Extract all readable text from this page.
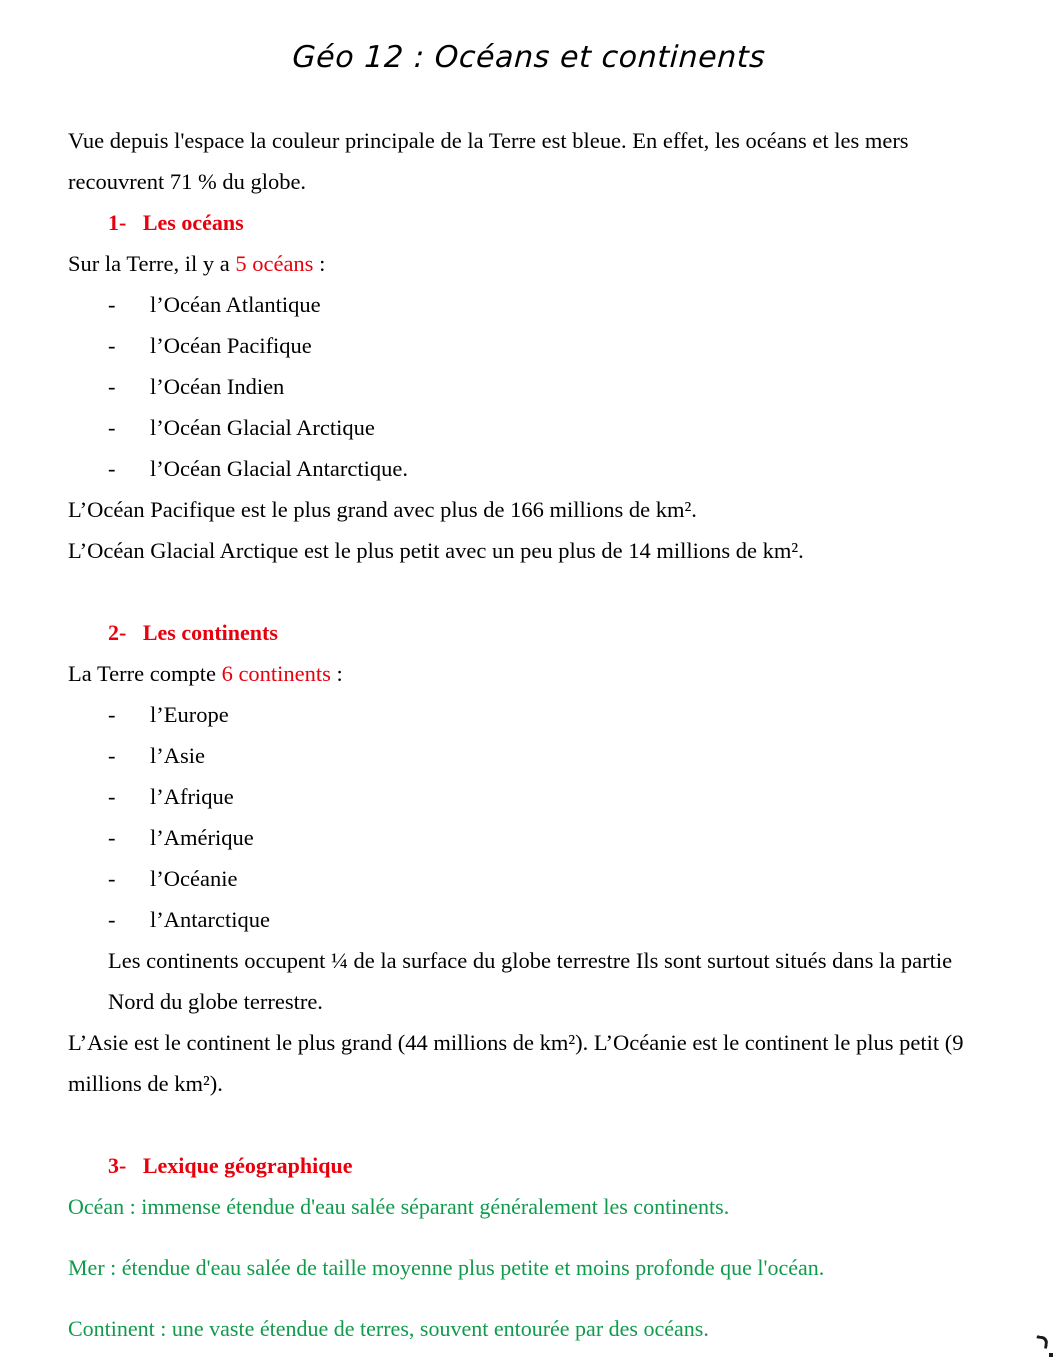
Géo 12 : Océans et continents

Vue depuis l'espace la couleur principale de la Terre est bleue. En effet, les océans et les mers recouvrent 71 % du globe.

1- Les océans

Sur la Terre, il y a 5 océans :

- l’Océan Atlantique
- l’Océan Pacifique
- l’Océan Indien
- l’Océan Glacial Arctique
- l’Océan Glacial Antarctique.

L’Océan Pacifique est le plus grand avec plus de 166 millions de km².

L’Océan Glacial Arctique est le plus petit avec un peu plus de 14 millions de km².

2- Les continents

La Terre compte 6 continents :

- l’Europe
- l’Asie
- l’Afrique
- l’Amérique
- l’Océanie
- l’Antarctique

Les continents occupent ¼ de la surface du globe terrestre Ils sont surtout situés dans la partie Nord du globe terrestre.

L’Asie est le continent le plus grand (44 millions de km²). L’Océanie est le continent le plus petit (9 millions de km²).

3- Lexique géographique

Océan : immense étendue d'eau salée séparant généralement les continents.

Mer : étendue d'eau salée de taille moyenne plus petite et moins profonde que l'océan.

Continent : une vaste étendue de terres, souvent entourée par des océans.
